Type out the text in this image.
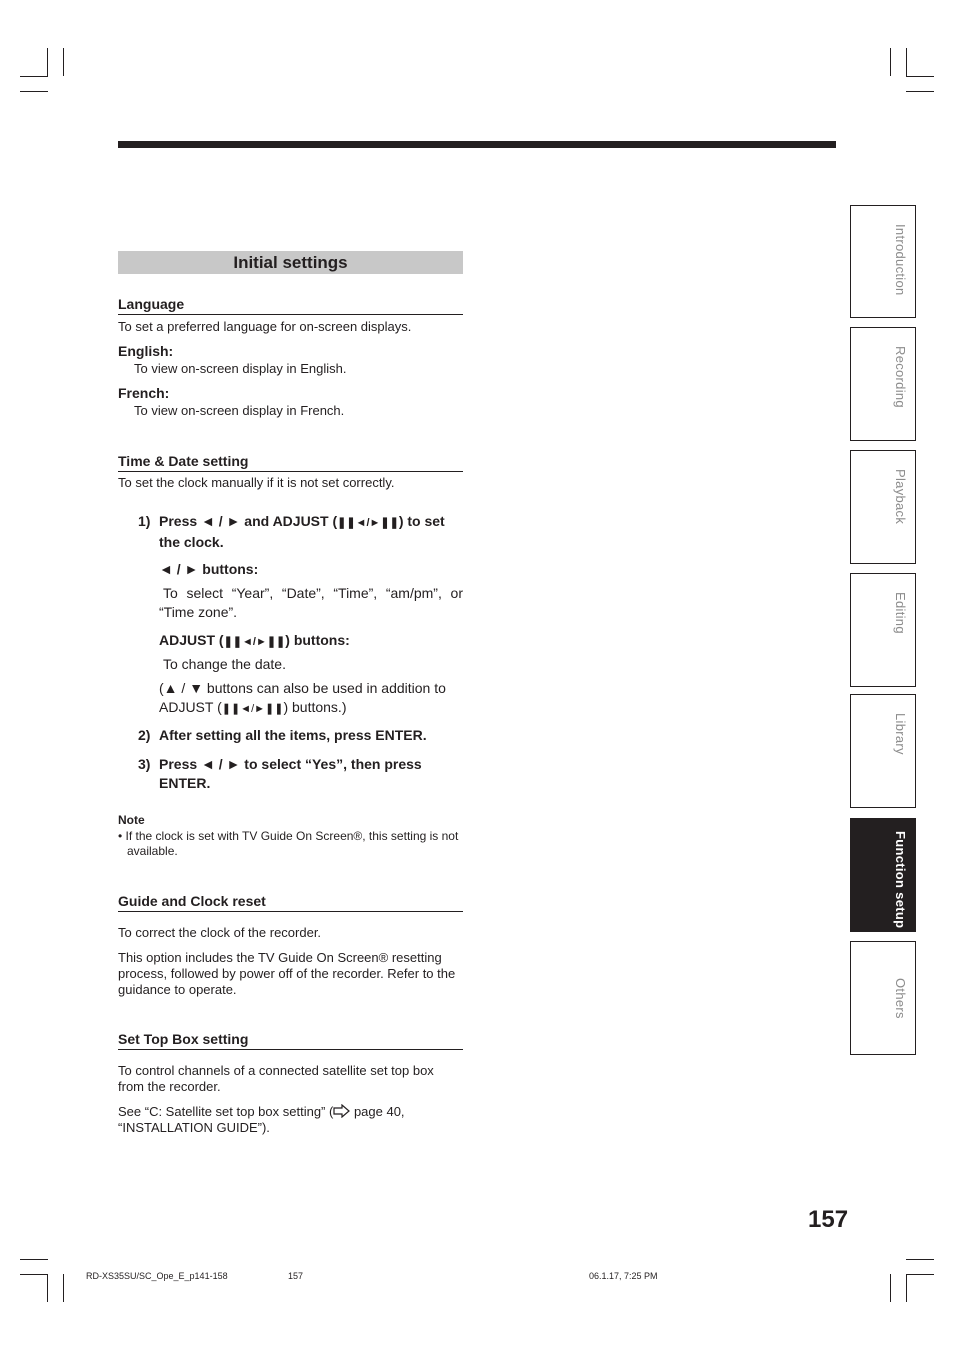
Initial settings
Language
To set a preferred language for on-screen displays.
English:
To view on-screen display in English.
French:
To view on-screen display in French.
Time & Date setting
To set the clock manually if it is not set correctly.
1) Press ◄ / ► and ADJUST (❚❚◄/►❚❚) to set the clock.
◄ / ► buttons:
To select “Year”, “Date”, “Time”, “am/pm”, or “Time zone”.
ADJUST (❚❚◄/►❚❚) buttons:
To change the date.
(▲ / ▼ buttons can also be used in addition to ADJUST (❚❚◄/►❚❚) buttons.)
2) After setting all the items, press ENTER.
3) Press ◄ / ► to select “Yes”, then press ENTER.
Note
• If the clock is set with TV Guide On Screen®, this setting is not available.
Guide and Clock reset
To correct the clock of the recorder.
This option includes the TV Guide On Screen® resetting process, followed by power off of the recorder. Refer to the guidance to operate.
Set Top Box setting
To control channels of a connected satellite set top box from the recorder.
See “C: Satellite set top box setting” ( page 40, “INSTALLATION GUIDE”).
Introduction
Recording
Playback
Editing
Library
Function setup
Others
157
RD-XS35SU/SC_Ope_E_p141-158	157	06.1.17, 7:25 PM
